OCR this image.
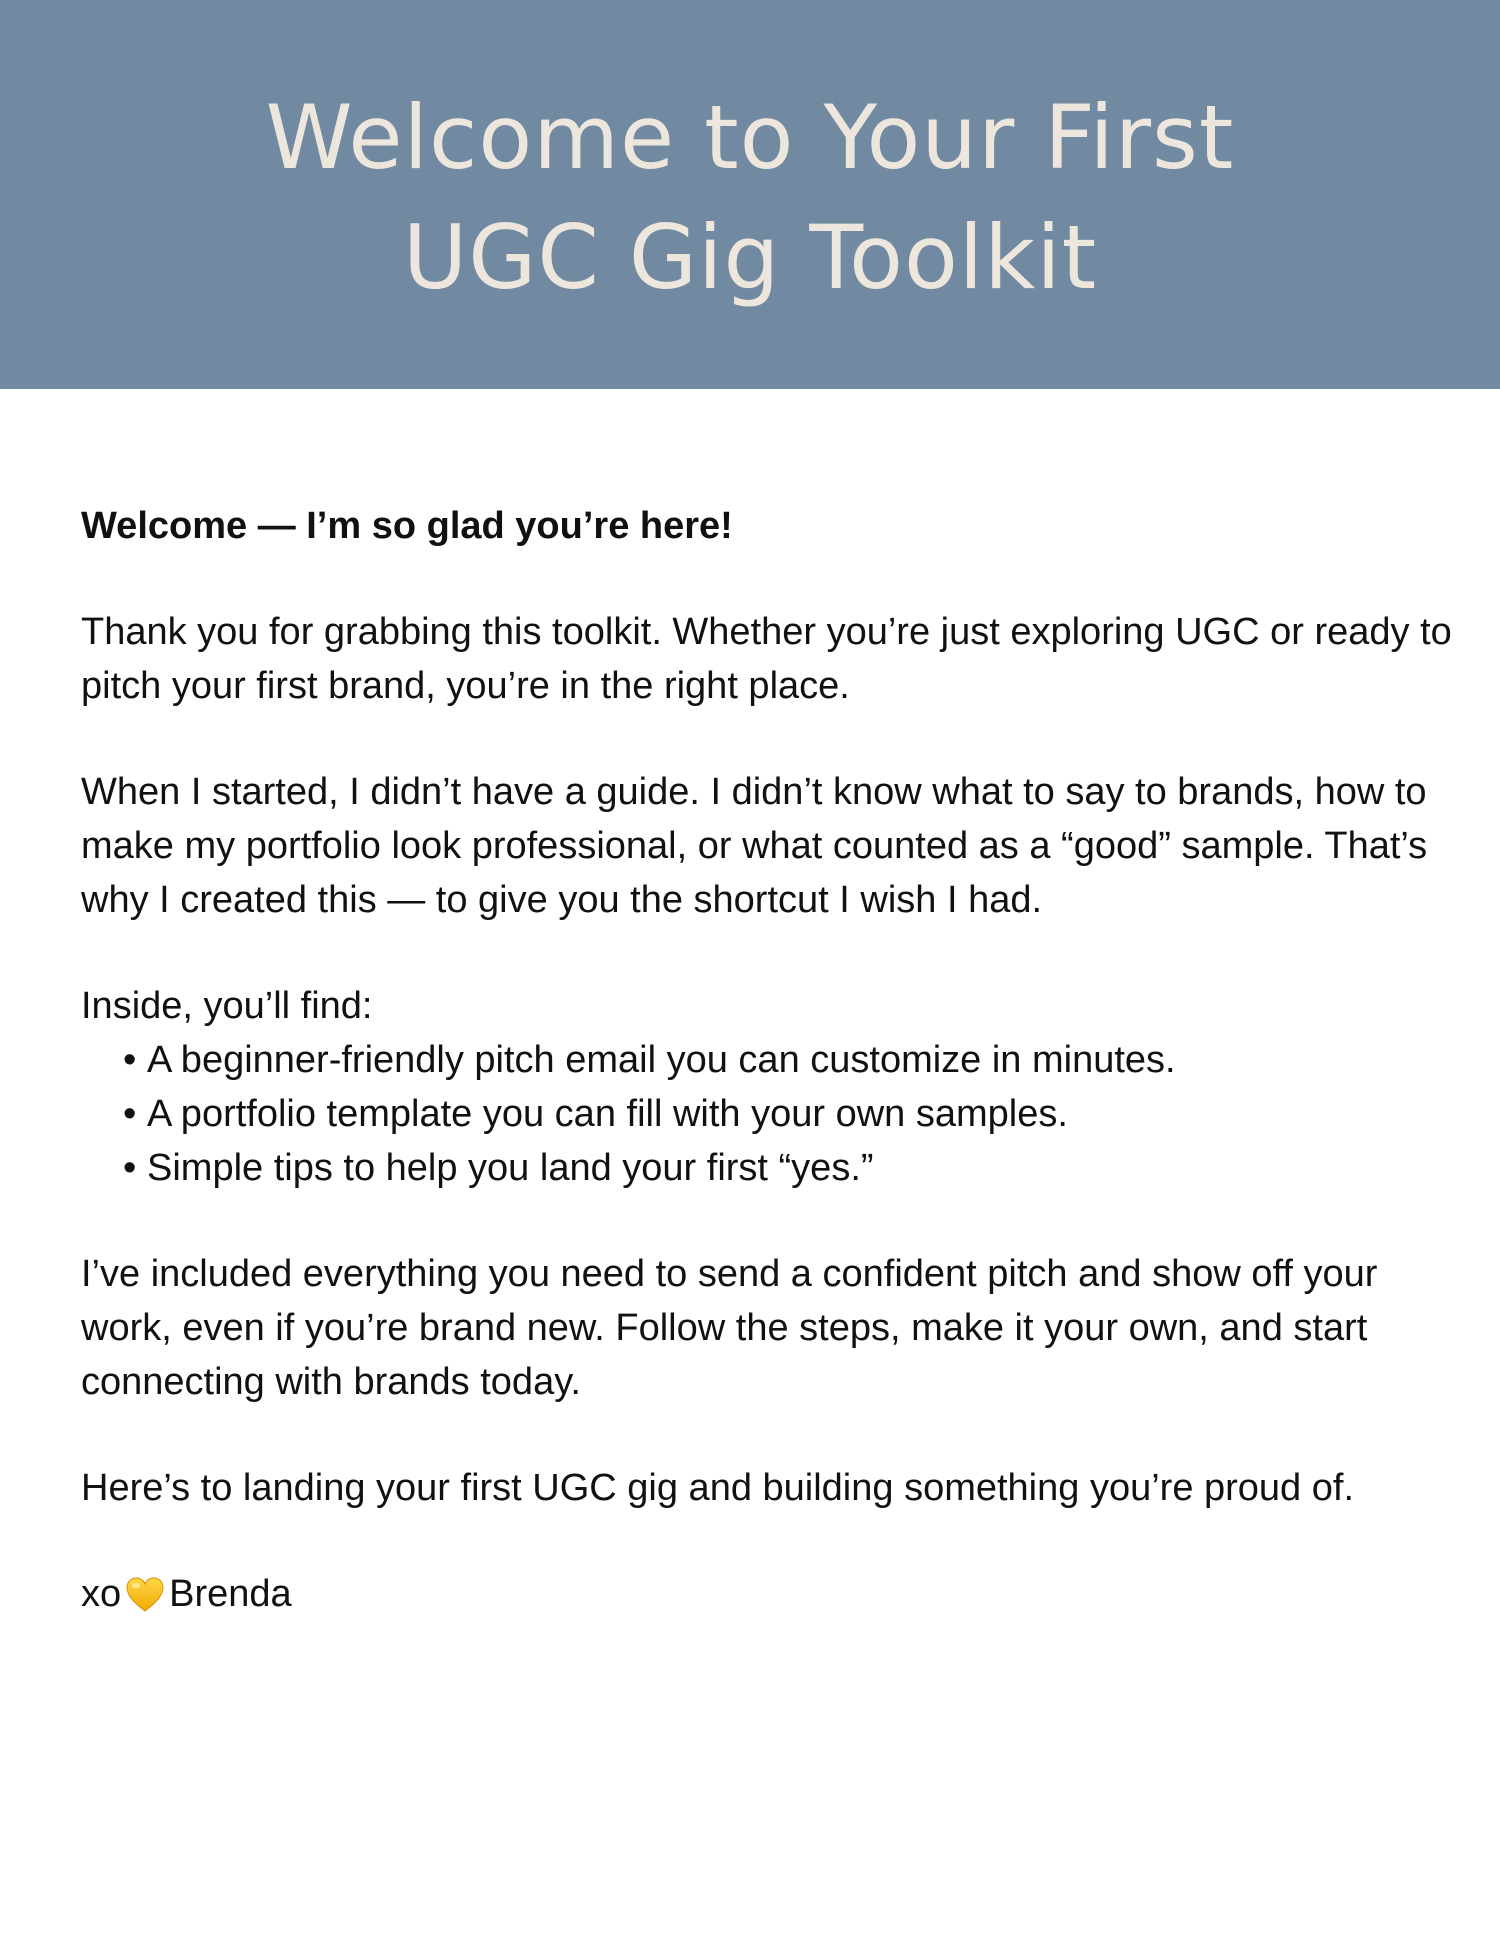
Welcome to Your First
UGC Gig Toolkit

Welcome — I’m so glad you’re here!

Thank you for grabbing this toolkit. Whether you’re just exploring UGC or ready to pitch your first brand, you’re in the right place.

When I started, I didn’t have a guide. I didn’t know what to say to brands, how to make my portfolio look professional, or what counted as a “good” sample. That’s why I created this — to give you the shortcut I wish I had.

Inside, you’ll find:

• A beginner-friendly pitch email you can customize in minutes.
• A portfolio template you can fill with your own samples.
• Simple tips to help you land your first “yes.”

I’ve included everything you need to send a confident pitch and show off your work, even if you’re brand new. Follow the steps, make it your own, and start connecting with brands today.

Here’s to landing your first UGC gig and building something you’re proud of.

xo Brenda
